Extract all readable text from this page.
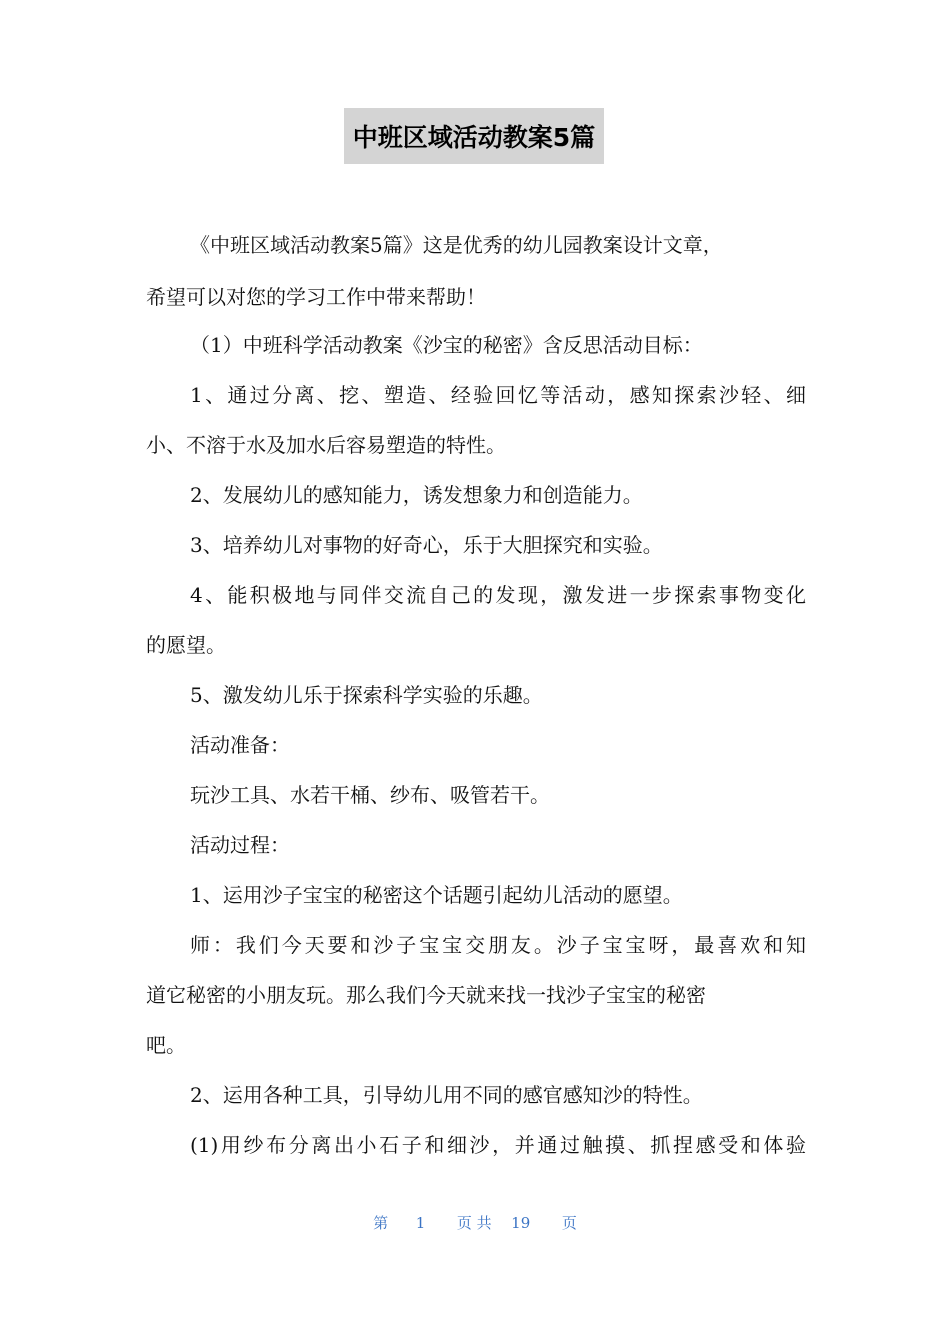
中班区域活动教案5篇
《中班区域活动教案5篇》这是优秀的幼儿园教案设计文章，
希望可以对您的学习工作中带来帮助！
（1）中班科学活动教案《沙宝的秘密》含反思活动目标：
1、通过分离、挖、塑造、经验回忆等活动，感知探索沙轻、细
小、不溶于水及加水后容易塑造的特性。
2、发展幼儿的感知能力，诱发想象力和创造能力。
3、培养幼儿对事物的好奇心，乐于大胆探究和实验。
4、能积极地与同伴交流自己的发现，激发进一步探索事物变化
的愿望。
5、激发幼儿乐于探索科学实验的乐趣。
活动准备：
玩沙工具、水若干桶、纱布、吸管若干。
活动过程：
1、运用沙子宝宝的秘密这个话题引起幼儿活动的愿望。
师：我们今天要和沙子宝宝交朋友。沙子宝宝呀，最喜欢和知
道它秘密的小朋友玩。那么我们今天就来找一找沙子宝宝的秘密
吧。
2、运用各种工具，引导幼儿用不同的感官感知沙的特性。
(1)用纱布分离出小石子和细沙，并通过触摸、抓捏感受和体验
第 1 页 共 19 页
